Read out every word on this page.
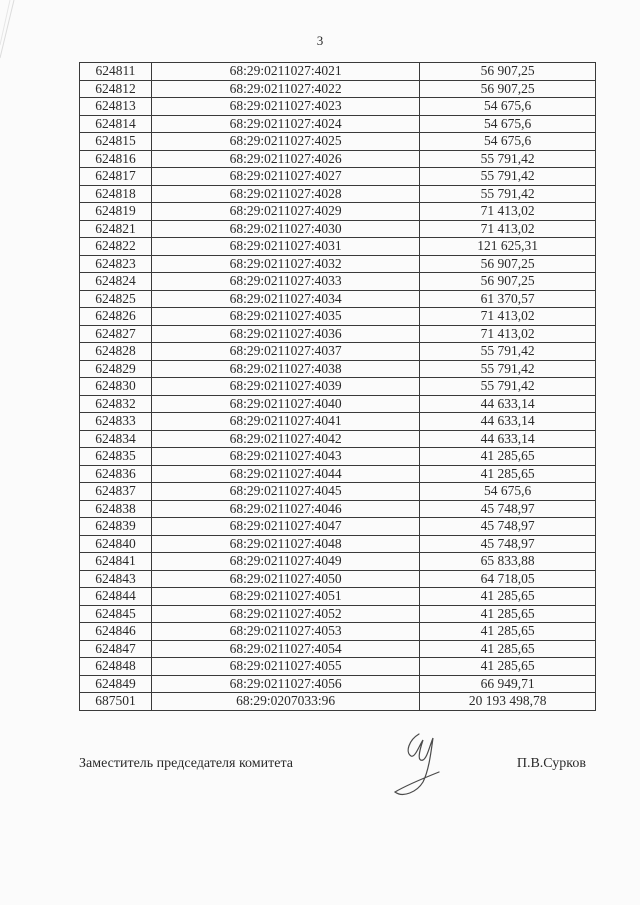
3
624811	68:29:0211027:4021	56 907,25
624812	68:29:0211027:4022	56 907,25
624813	68:29:0211027:4023	54 675,6
624814	68:29:0211027:4024	54 675,6
624815	68:29:0211027:4025	54 675,6
624816	68:29:0211027:4026	55 791,42
624817	68:29:0211027:4027	55 791,42
624818	68:29:0211027:4028	55 791,42
624819	68:29:0211027:4029	71 413,02
624821	68:29:0211027:4030	71 413,02
624822	68:29:0211027:4031	121 625,31
624823	68:29:0211027:4032	56 907,25
624824	68:29:0211027:4033	56 907,25
624825	68:29:0211027:4034	61 370,57
624826	68:29:0211027:4035	71 413,02
624827	68:29:0211027:4036	71 413,02
624828	68:29:0211027:4037	55 791,42
624829	68:29:0211027:4038	55 791,42
624830	68:29:0211027:4039	55 791,42
624832	68:29:0211027:4040	44 633,14
624833	68:29:0211027:4041	44 633,14
624834	68:29:0211027:4042	44 633,14
624835	68:29:0211027:4043	41 285,65
624836	68:29:0211027:4044	41 285,65
624837	68:29:0211027:4045	54 675,6
624838	68:29:0211027:4046	45 748,97
624839	68:29:0211027:4047	45 748,97
624840	68:29:0211027:4048	45 748,97
624841	68:29:0211027:4049	65 833,88
624843	68:29:0211027:4050	64 718,05
624844	68:29:0211027:4051	41 285,65
624845	68:29:0211027:4052	41 285,65
624846	68:29:0211027:4053	41 285,65
624847	68:29:0211027:4054	41 285,65
624848	68:29:0211027:4055	41 285,65
624849	68:29:0211027:4056	66 949,71
687501	68:29:0207033:96	20 193 498,78
Заместитель председателя комитета	П.В.Сурков
